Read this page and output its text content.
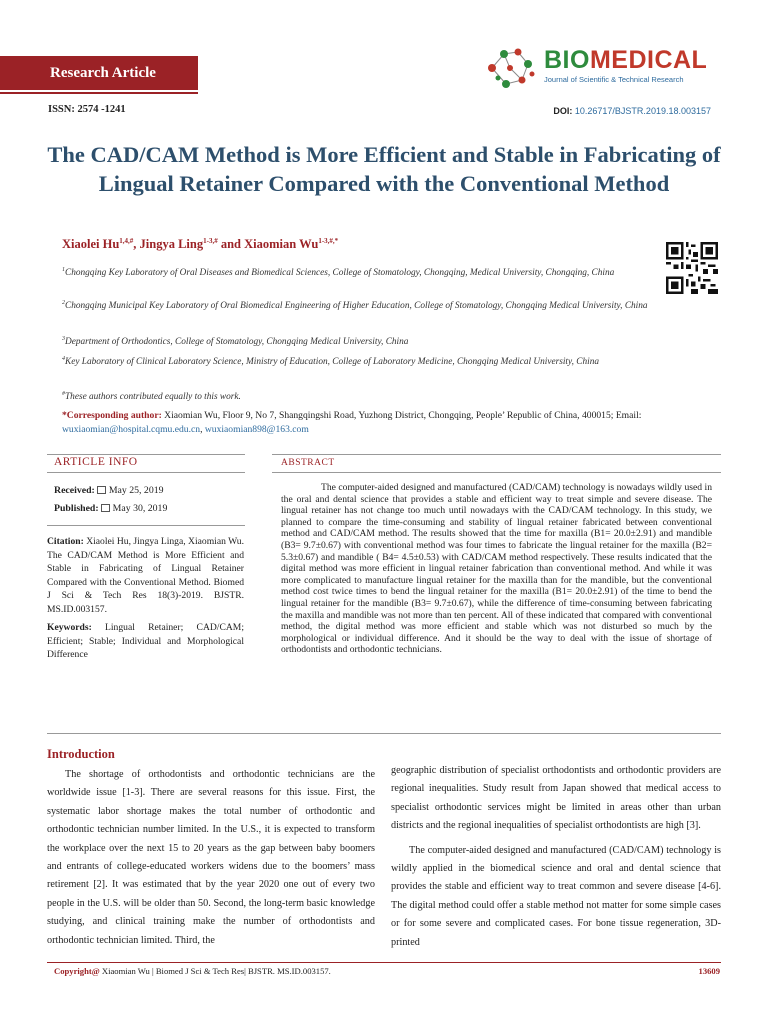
Research Article
ISSN: 2574 -1241
BIOMEDICAL
Journal of Scientific & Technical Research
DOI: 10.26717/BJSTR.2019.18.003157
The CAD/CAM Method is More Efficient and Stable in Fabricating of Lingual Retainer Compared with the Conventional Method
Xiaolei $Hu^{1,4,\#}$, Jingya Ling$^{1-3,\#}$ and Xiaomian $Wu^{1-3,\#,*}$
$^1$Chongqing Key Laboratory of Oral Diseases and Biomedical Sciences, College of Stomatology, Chongqing, Medical University, Chongqing, China
$^2$Chongqing Municipal Key Laboratory of Oral Biomedical Engineering of Higher Education, College of Stomatology, Chongqing Medical University, China
$^3$Department of Orthodontics, College of Stomatology, Chongqing Medical University, China
$^4$Key Laboratory of Clinical Laboratory Science, Ministry of Education, College of Laboratory Medicine, Chongqing Medical University, China
#These authors contributed equally to this work.
*Corresponding author: Xiaomian Wu, Floor 9, No 7, Shangqingshi Road, Yuzhong District, Chongqing, People’ Republic of China, 400015; Email: wuxiaomian@hospital.cqmu.edu.cn, wuxiaomian898@163.com
ARTICLE INFO	ABSTRACT
Received: May 25, 2019
Published: May 30, 2019
Citation: Xiaolei Hu, Jingya Linga, Xiaomian Wu. The CAD/CAM Method is More Efficient and Stable in Fabricating of Lingual Retainer Compared with the Conventional Method. Biomed J Sci & Tech Res 18(3)-2019. BJSTR. MS.ID.003157.
Keywords: Lingual Retainer; CAD/CAM; Efficient; Stable; Individual and Morphological Difference
The computer-aided designed and manufactured (CAD/CAM) technology is nowadays wildly used in the oral and dental science that provides a stable and efficient way to treat simple and severe disease. The lingual retainer has not change too much until nowadays with the CAD/CAM technology. In this study, we planned to compare the time-consuming and stability of lingual retainer fabricated between conventional method and CAD/CAM method. The results showed that the time for maxilla (B1= 20.0±2.91) and mandible (B3= 9.7±0.67) with conventional method was four times to fabricate the lingual retainer for the maxilla (B2= 5.3±0.67) and mandible ( B4= 4.5±0.53) with CAD/CAM method respectively. These results indicated that the digital method was more efficient in lingual retainer fabrication than conventional method. And while it was more complicated to manufacture lingual retainer for the maxilla than for the mandible, but the conventional method cost twice times to bend the lingual retainer for the maxilla (B1= 20.0±2.91) of the time to bend the lingual retainer for the mandible (B3= 9.7±0.67), while the difference of time-consuming between fabricating the maxilla and mandible was not more than ten percent. All of these indicated that compared with conventional method, the digital method was more efficient and stable which was not disturbed so much by the morphological or individual difference. And it should be the way to deal with the issue of shortage of orthodontists and orthodontic technicians.
Introduction

The shortage of orthodontists and orthodontic technicians are the worldwide issue [1-3]. There are several reasons for this issue. First, the systematic labor shortage makes the total number of orthodontic and orthodontic technician number limited. In the U.S., it is expected to transform the workplace over the next 15 to 20 years as the gap between baby boomers and entrants of college-educated workers widens due to the boomers’ mass retirement [2]. It was estimated that by the year 2020 one out of every two people in the U.S. will be older than 50. Second, the long-term basic knowledge studying, and clinical training make the number of orthodontists and orthodontic technician limited. Third, the

geographic distribution of specialist orthodontists and orthodontic providers are regional inequalities. Study result from Japan showed that medical access to specialist orthodontic services might be limited in areas other than urban districts and the regional inequalities of specialist orthodontists are high [3].

The computer-aided designed and manufactured (CAD/CAM) technology is wildly applied in the biomedical science and oral and dental science that provides the stable and efficient way to treat common and severe disease [4-6]. The digital method could offer a stable method not matter for some simple cases or for some severe and complicated cases. For bone tissue regeneration, 3D-printed

Copyright@ Xiaomian Wu | Biomed J Sci & Tech Res| BJSTR. MS.ID.003157.	13609
